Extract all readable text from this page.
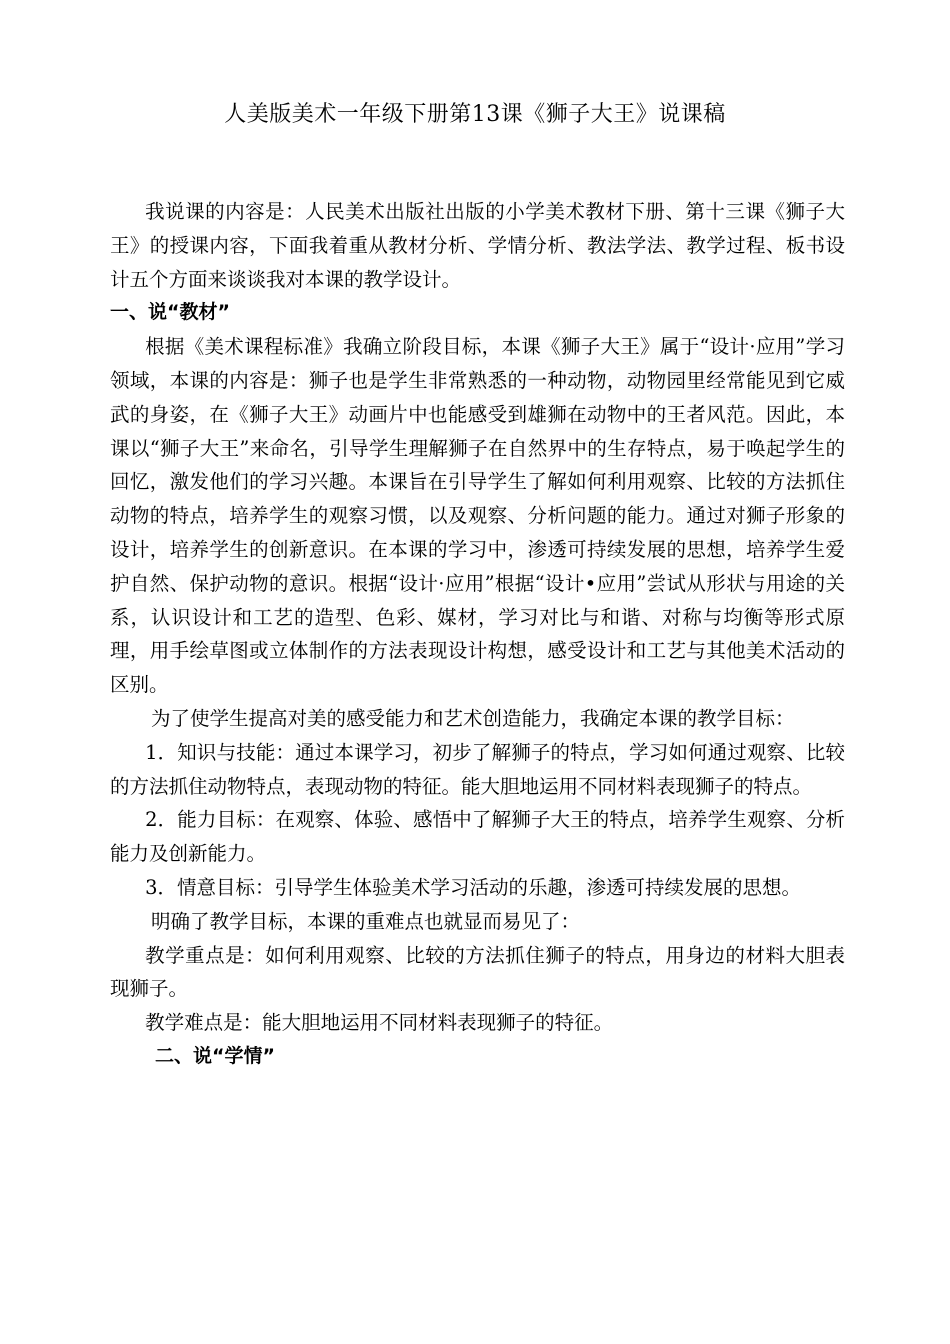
人美版美术一年级下册第13课《狮子大王》说课稿

我说课的内容是：人民美术出版社出版的小学美术教材下册、第十三课《狮子大王》的授课内容，下面我着重从教材分析、学情分析、教法学法、教学过程、板书设计五个方面来谈谈我对本课的教学设计。

一、说“教材”

根据《美术课程标准》我确立阶段目标，本课《狮子大王》属于“设计·应用”学习领域，本课的内容是：狮子也是学生非常熟悉的一种动物，动物园里经常能见到它威武的身姿，在《狮子大王》动画片中也能感受到雄狮在动物中的王者风范。因此，本课以“狮子大王”来命名，引导学生理解狮子在自然界中的生存特点，易于唤起学生的回忆，激发他们的学习兴趣。本课旨在引导学生了解如何利用观察、比较的方法抓住动物的特点，培养学生的观察习惯，以及观察、分析问题的能力。通过对狮子形象的设计，培养学生的创新意识。在本课的学习中，渗透可持续发展的思想，培养学生爱护自然、保护动物的意识。根据“设计·应用”根据“设计•应用”尝试从形状与用途的关系，认识设计和工艺的造型、色彩、媒材，学习对比与和谐、对称与均衡等形式原理，用手绘草图或立体制作的方法表现设计构想，感受设计和工艺与其他美术活动的区别。

为了使学生提高对美的感受能力和艺术创造能力，我确定本课的教学目标：

1．知识与技能：通过本课学习，初步了解狮子的特点，学习如何通过观察、比较的方法抓住动物特点，表现动物的特征。能大胆地运用不同材料表现狮子的特点。

2．能力目标：在观察、体验、感悟中了解狮子大王的特点，培养学生观察、分析能力及创新能力。

3．情意目标：引导学生体验美术学习活动的乐趣，渗透可持续发展的思想。

明确了教学目标，本课的重难点也就显而易见了：

教学重点是：如何利用观察、比较的方法抓住狮子的特点，用身边的材料大胆表现狮子。

教学难点是：能大胆地运用不同材料表现狮子的特征。

二、说“学情”
